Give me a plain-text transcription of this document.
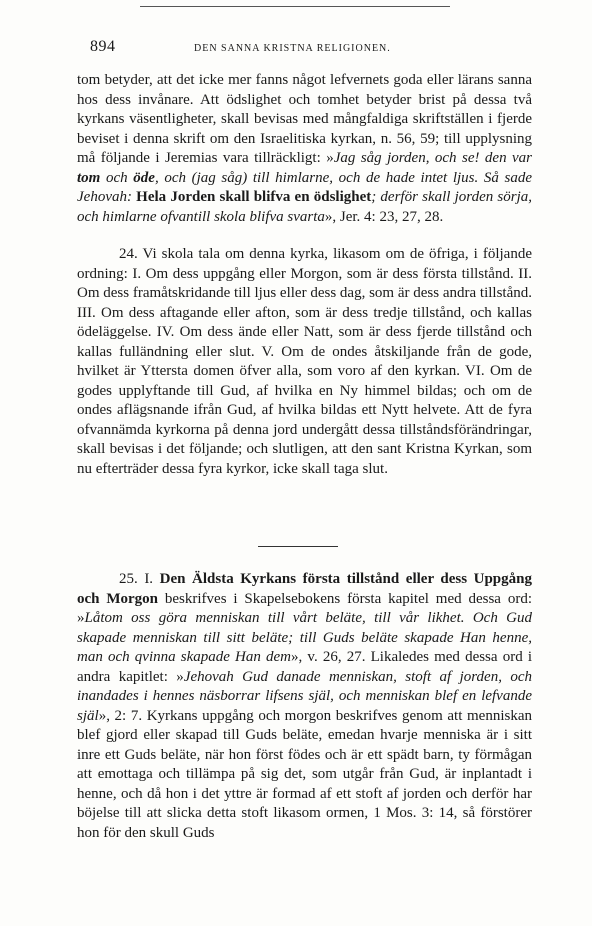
894	DEN SANNA KRISTNA RELIGIONEN.

tom betyder, att det icke mer fanns något lefvernets goda eller lärans sanna hos dess invånare. Att ödslighet och tomhet betyder brist på dessa två kyrkans väsentligheter, skall bevisas med mångfaldiga skriftställen i fjerde beviset i denna skrift om den Israelitiska kyrkan, n. 56, 59; till upplysning må följande i Jeremias vara tillräckligt: »Jag såg jorden, och se! den var tom och öde, och (jag såg) till himlarne, och de hade intet ljus. Så sade Jehovah: Hela Jorden skall blifva en ödslighet; derför skall jorden sörja, och himlarne ofvantill skola blifva svarta», Jer. 4: 23, 27, 28.

24. Vi skola tala om denna kyrka, likasom om de öfriga, i följande ordning: I. Om dess uppgång eller Morgon, som är dess första tillstånd. II. Om dess framåtskridande till ljus eller dess dag, som är dess andra tillstånd. III. Om dess aftagande eller afton, som är dess tredje tillstånd, och kallas ödeläggelse. IV. Om dess ände eller Natt, som är dess fjerde tillstånd och kallas fulländning eller slut. V. Om de ondes åtskiljande från de gode, hvilket är Yttersta domen öfver alla, som voro af den kyrkan. VI. Om de godes upplyftande till Gud, af hvilka en Ny himmel bildas; och om de ondes aflägsnande ifrån Gud, af hvilka bildas ett Nytt helvete. Att de fyra ofvannämda kyrkorna på denna jord undergått dessa tillståndsförändringar, skall bevisas i det följande; och slutligen, att den sant Kristna Kyrkan, som nu efterträder dessa fyra kyrkor, icke skall taga slut.

25. I. Den Äldsta Kyrkans första tillstånd eller dess Uppgång och Morgon beskrifves i Skapelsebokens första kapitel med dessa ord: »Låtom oss göra menniskan till vårt beläte, till vår likhet. Och Gud skapade menniskan till sitt beläte; till Guds beläte skapade Han henne, man och qvinna skapade Han dem», v. 26, 27. Likaledes med dessa ord i andra kapitlet: »Jehovah Gud danade menniskan, stoft af jorden, och inandades i hennes näsborrar lifsens själ, och menniskan blef en lefvande själ», 2: 7. Kyrkans uppgång och morgon beskrifves genom att menniskan blef gjord eller skapad till Guds beläte, emedan hvarje menniska är i sitt inre ett Guds beläte, när hon först födes och är ett spädt barn, ty förmågan att emottaga och tillämpa på sig det, som utgår från Gud, är inplantadt i henne, och då hon i det yttre är formad af ett stoft af jorden och derför har böjelse till att slicka detta stoft likasom ormen, 1 Mos. 3: 14, så förstörer hon för den skull Guds
